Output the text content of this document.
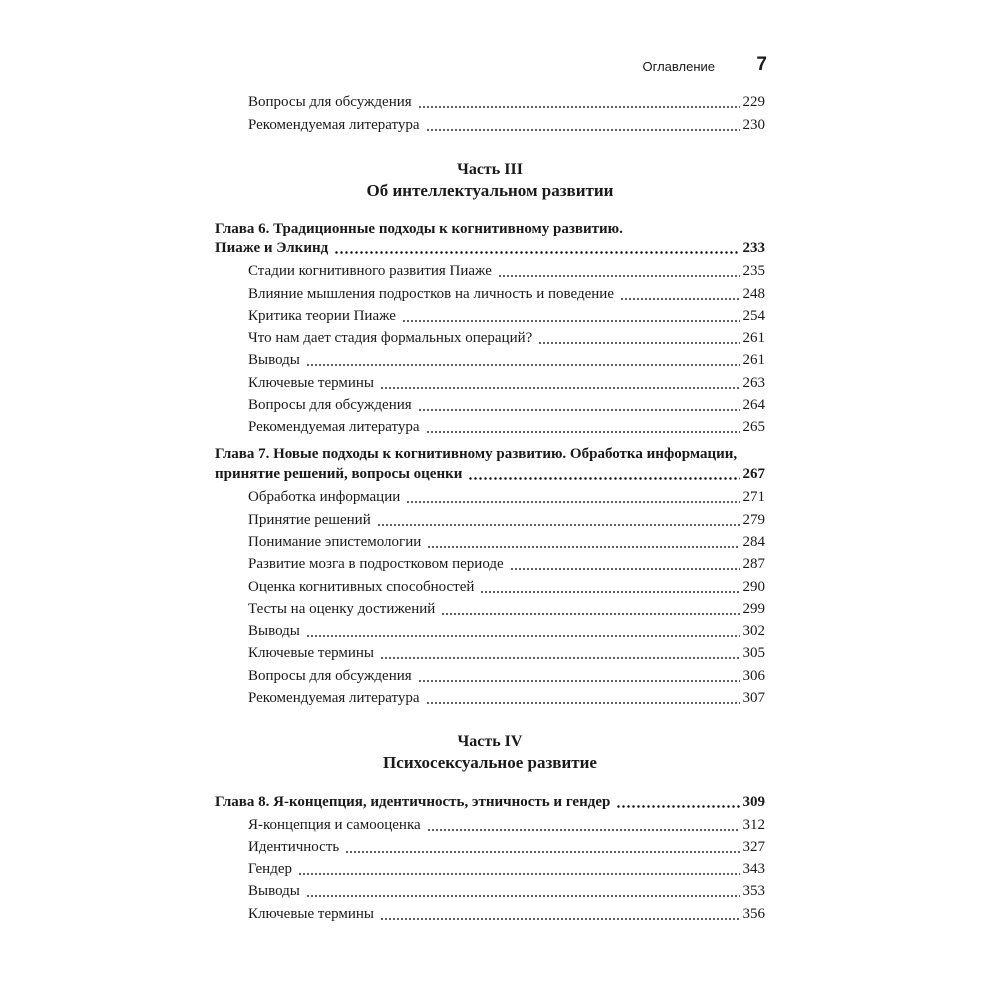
Оглавление	7
Вопросы для обсуждения	229
Рекомендуемая литература	230
Часть III
Об интеллектуальном развитии
Глава 6. Традиционные подходы к когнитивному развитию.
Пиаже и Элкинд	233
Стадии когнитивного развития Пиаже	235
Влияние мышления подростков на личность и поведение	248
Критика теории Пиаже	254
Что нам дает стадия формальных операций?	261
Выводы	261
Ключевые термины	263
Вопросы для обсуждения	264
Рекомендуемая литература	265
Глава 7. Новые подходы к когнитивному развитию. Обработка информации,
принятие решений, вопросы оценки	267
Обработка информации	271
Принятие решений	279
Понимание эпистемологии	284
Развитие мозга в подростковом периоде	287
Оценка когнитивных способностей	290
Тесты на оценку достижений	299
Выводы	302
Ключевые термины	305
Вопросы для обсуждения	306
Рекомендуемая литература	307
Часть IV
Психосексуальное развитие
Глава 8. Я-концепция, идентичность, этничность и гендер	309
Я-концепция и самооценка	312
Идентичность	327
Гендер	343
Выводы	353
Ключевые термины	356
